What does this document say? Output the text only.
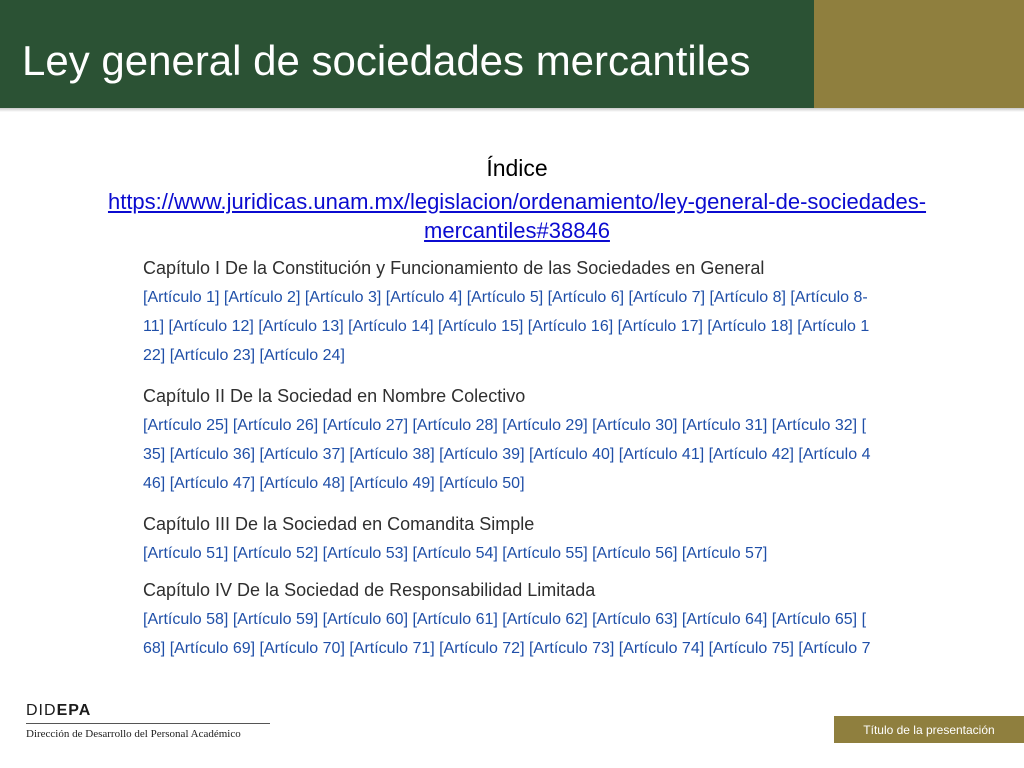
Ley general de sociedades mercantiles
Índice
https://www.juridicas.unam.mx/legislacion/ordenamiento/ley-general-de-sociedades-mercantiles#38846

Capítulo I De la Constitución y Funcionamiento de las Sociedades en General

[Artículo 1] [Artículo 2] [Artículo 3] [Artículo 4] [Artículo 5] [Artículo 6] [Artículo 7] [Artículo 8] [Artículo 8-
11] [Artículo 12] [Artículo 13] [Artículo 14] [Artículo 15] [Artículo 16] [Artículo 17] [Artículo 18] [Artículo 1
22] [Artículo 23] [Artículo 24]

Capítulo II De la Sociedad en Nombre Colectivo

[Artículo 25] [Artículo 26] [Artículo 27] [Artículo 28] [Artículo 29] [Artículo 30] [Artículo 31] [Artículo 32] [
35] [Artículo 36] [Artículo 37] [Artículo 38] [Artículo 39] [Artículo 40] [Artículo 41] [Artículo 42] [Artículo 4
46] [Artículo 47] [Artículo 48] [Artículo 49] [Artículo 50]

Capítulo III De la Sociedad en Comandita Simple

[Artículo 51] [Artículo 52] [Artículo 53] [Artículo 54] [Artículo 55] [Artículo 56] [Artículo 57]

Capítulo IV De la Sociedad de Responsabilidad Limitada

[Artículo 58] [Artículo 59] [Artículo 60] [Artículo 61] [Artículo 62] [Artículo 63] [Artículo 64] [Artículo 65] [
68] [Artículo 69] [Artículo 70] [Artículo 71] [Artículo 72] [Artículo 73] [Artículo 74] [Artículo 75] [Artículo 7
DIDEPA
Dirección de Desarrollo del Personal Académico	Título de la presentación
